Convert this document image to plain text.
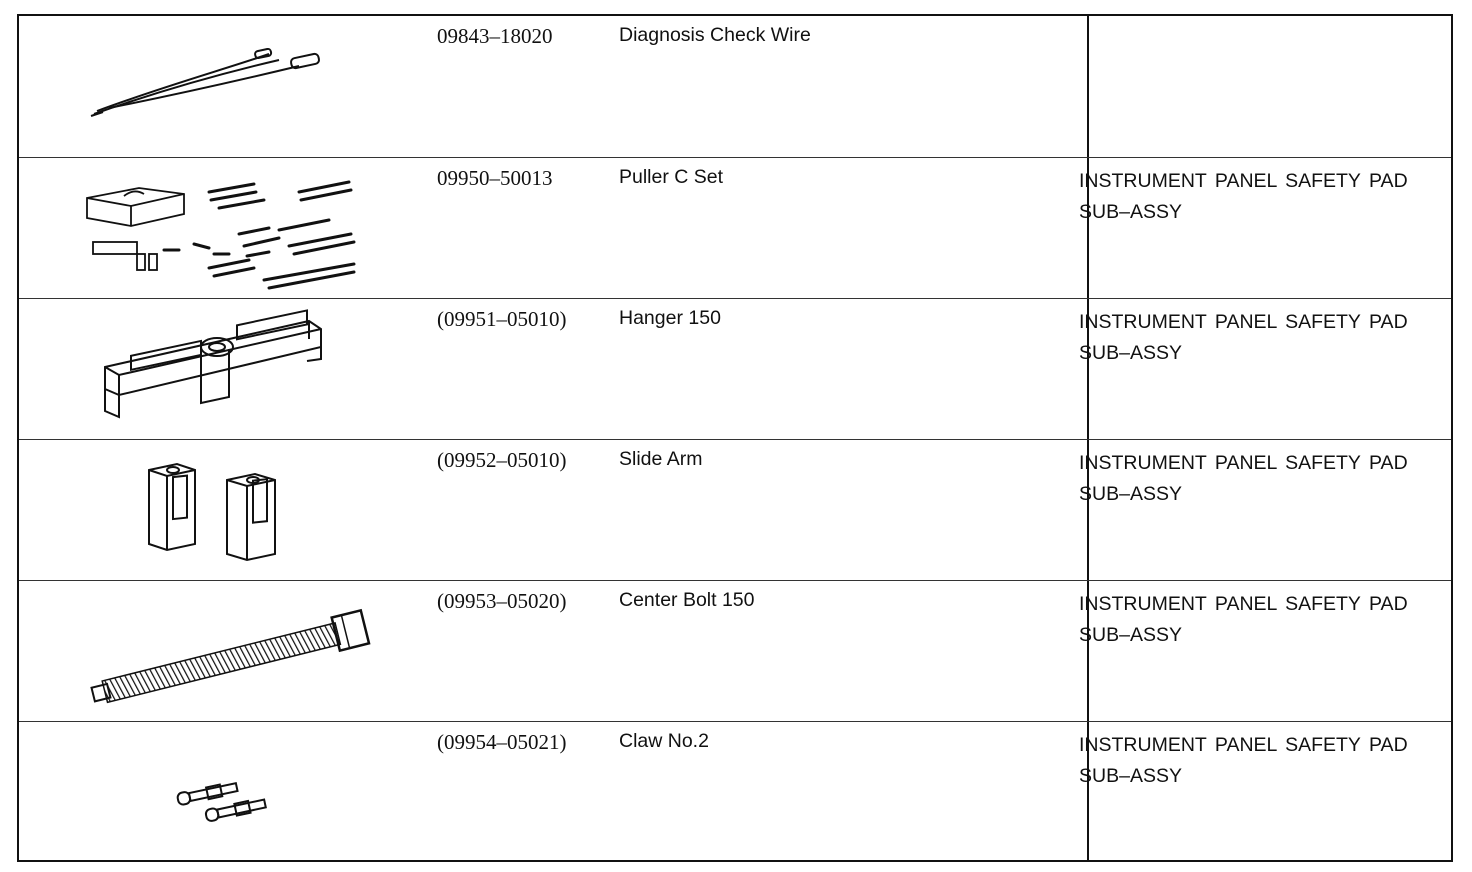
09843–18020	Diagnosis Check Wire
09950–50013	Puller C Set	INSTRUMENT PANEL SAFETY PAD SUB–ASSY
(09951–05010)	Hanger 150	INSTRUMENT PANEL SAFETY PAD SUB–ASSY
(09952–05010)	Slide Arm	INSTRUMENT PANEL SAFETY PAD SUB–ASSY
(09953–05020)	Center Bolt 150	INSTRUMENT PANEL SAFETY PAD SUB–ASSY
(09954–05021)	Claw No.2	INSTRUMENT PANEL SAFETY PAD SUB–ASSY
